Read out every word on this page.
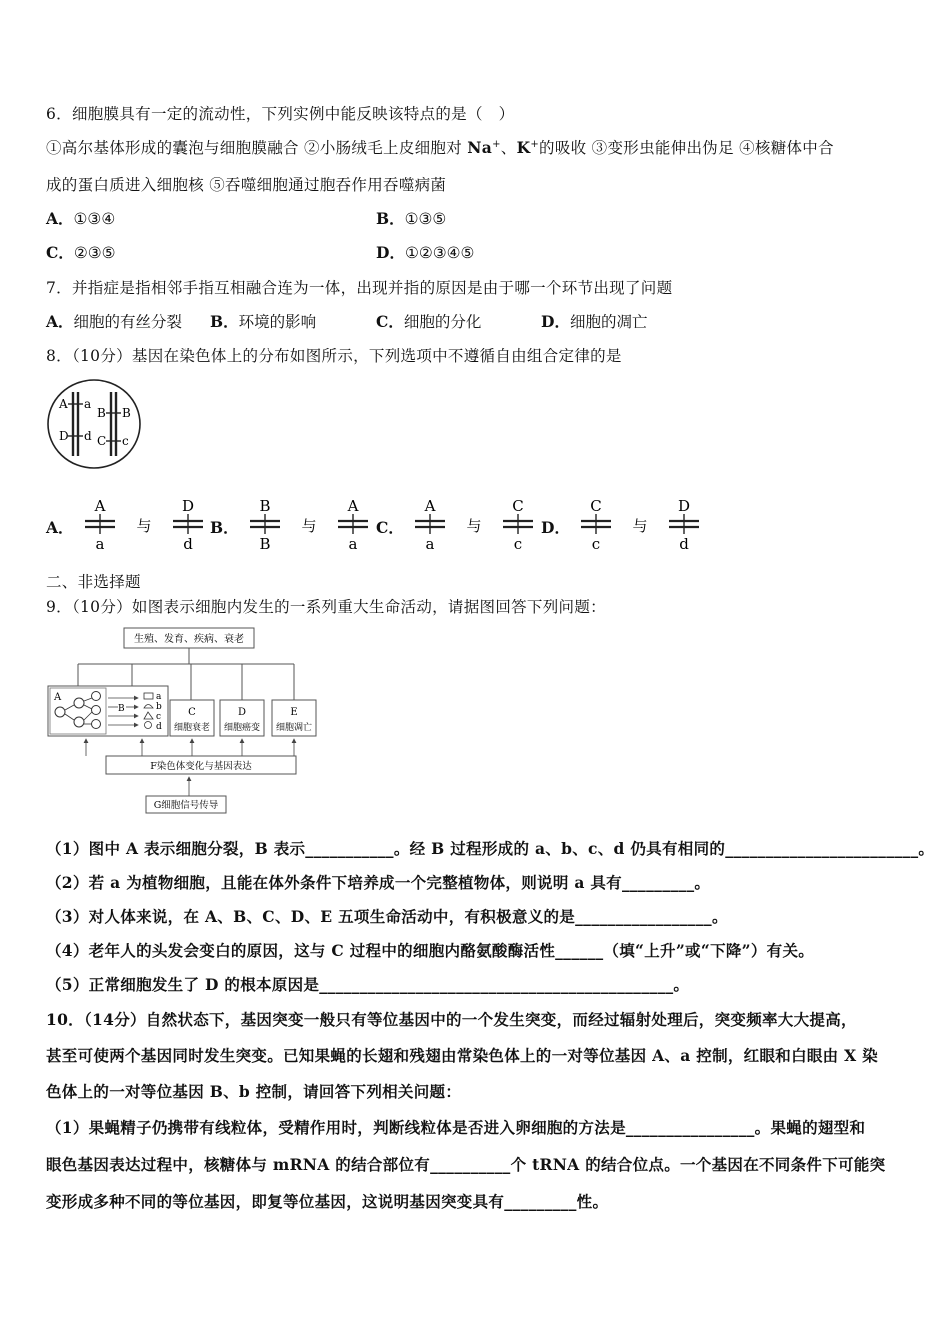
6．细胞膜具有一定的流动性，下列实例中能反映该特点的是（　）
①高尔基体形成的囊泡与细胞膜融合 ②小肠绒毛上皮细胞对 Na+、K+的吸收 ③变形虫能伸出伪足 ④核糖体中合
成的蛋白质进入细胞核 ⑤吞噬细胞通过胞吞作用吞噬病菌
A．①③④	B．①③⑤
C．②③⑤	D．①②③④⑤
7．并指症是指相邻手指互相融合连为一体，出现并指的原因是由于哪一个环节出现了问题
A．细胞的有丝分裂 B．环境的影响	C．细胞的分化	D．细胞的凋亡
8．（10分）基因在染色体上的分布如图所示，下列选项中不遵循自由组合定律的是
A a
D d
B B
C c
A．
A
a
与
D
d
B．
B
B
与
A
a
C．
A
a
与
C
c
D．
C
c
与
D
d
二、非选择题
9．（10分）如图表示细胞内发生的一系列重大生命活动，请据图回答下列问题：
生殖、发育、疾病、衰老
A
B
a
b
c
d
C
细胞衰老
D
细胞癌变
E
细胞凋亡
F染色体变化与基因表达
G细胞信号传导
（1）图中 A 表示细胞分裂，B 表示___________。经 B 过程形成的 a、b、c、d 仍具有相同的________________________。
（2）若 a 为植物细胞，且能在体外条件下培养成一个完整植物体，则说明 a 具有_________。
（3）对人体来说，在 A、B、C、D、E 五项生命活动中，有积极意义的是_________________。
（4）老年人的头发会变白的原因，这与 C 过程中的细胞内酪氨酸酶活性______（填“上升”或“下降”）有关。
（5）正常细胞发生了 D 的根本原因是____________________________________________。
10．（14分）自然状态下，基因突变一般只有等位基因中的一个发生突变，而经过辐射处理后，突变频率大大提高，
甚至可使两个基因同时发生突变。已知果蝇的长翅和残翅由常染色体上的一对等位基因 A、a 控制，红眼和白眼由 X 染
色体上的一对等位基因 B、b 控制，请回答下列相关问题：
（1）果蝇精子仍携带有线粒体，受精作用时，判断线粒体是否进入卵细胞的方法是________________。果蝇的翅型和
眼色基因表达过程中，核糖体与 mRNA 的结合部位有__________个 tRNA 的结合位点。一个基因在不同条件下可能突
变形成多种不同的等位基因，即复等位基因，这说明基因突变具有_________性。
